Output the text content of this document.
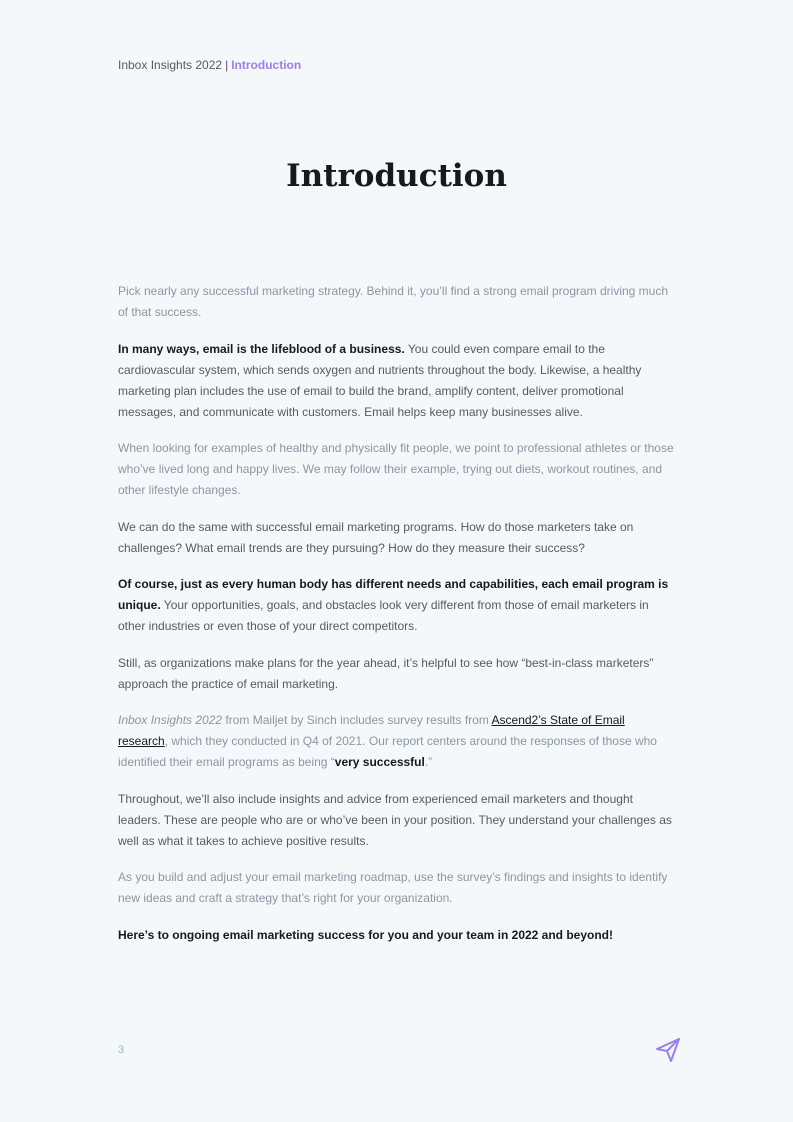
Inbox Insights 2022 | Introduction
Introduction

Pick nearly any successful marketing strategy. Behind it, you’ll find a strong email program driving much of that success.

In many ways, email is the lifeblood of a business. You could even compare email to the cardiovascular system, which sends oxygen and nutrients throughout the body. Likewise, a healthy marketing plan includes the use of email to build the brand, amplify content, deliver promotional messages, and communicate with customers. Email helps keep many businesses alive.

When looking for examples of healthy and physically fit people, we point to professional athletes or those who’ve lived long and happy lives. We may follow their example, trying out diets, workout routines, and other lifestyle changes.

We can do the same with successful email marketing programs. How do those marketers take on challenges? What email trends are they pursuing? How do they measure their success?

Of course, just as every human body has different needs and capabilities, each email program is unique. Your opportunities, goals, and obstacles look very different from those of email marketers in other industries or even those of your direct competitors.

Still, as organizations make plans for the year ahead, it’s helpful to see how “best-in-class marketers” approach the practice of email marketing.

Inbox Insights 2022 from Mailjet by Sinch includes survey results from Ascend2’s State of Email research, which they conducted in Q4 of 2021. Our report centers around the responses of those who identified their email programs as being “very successful.”

Throughout, we’ll also include insights and advice from experienced email marketers and thought leaders. These are people who are or who’ve been in your position. They understand your challenges as well as what it takes to achieve positive results.

As you build and adjust your email marketing roadmap, use the survey’s findings and insights to identify new ideas and craft a strategy that’s right for your organization.

Here’s to ongoing email marketing success for you and your team in 2022 and beyond!

3
